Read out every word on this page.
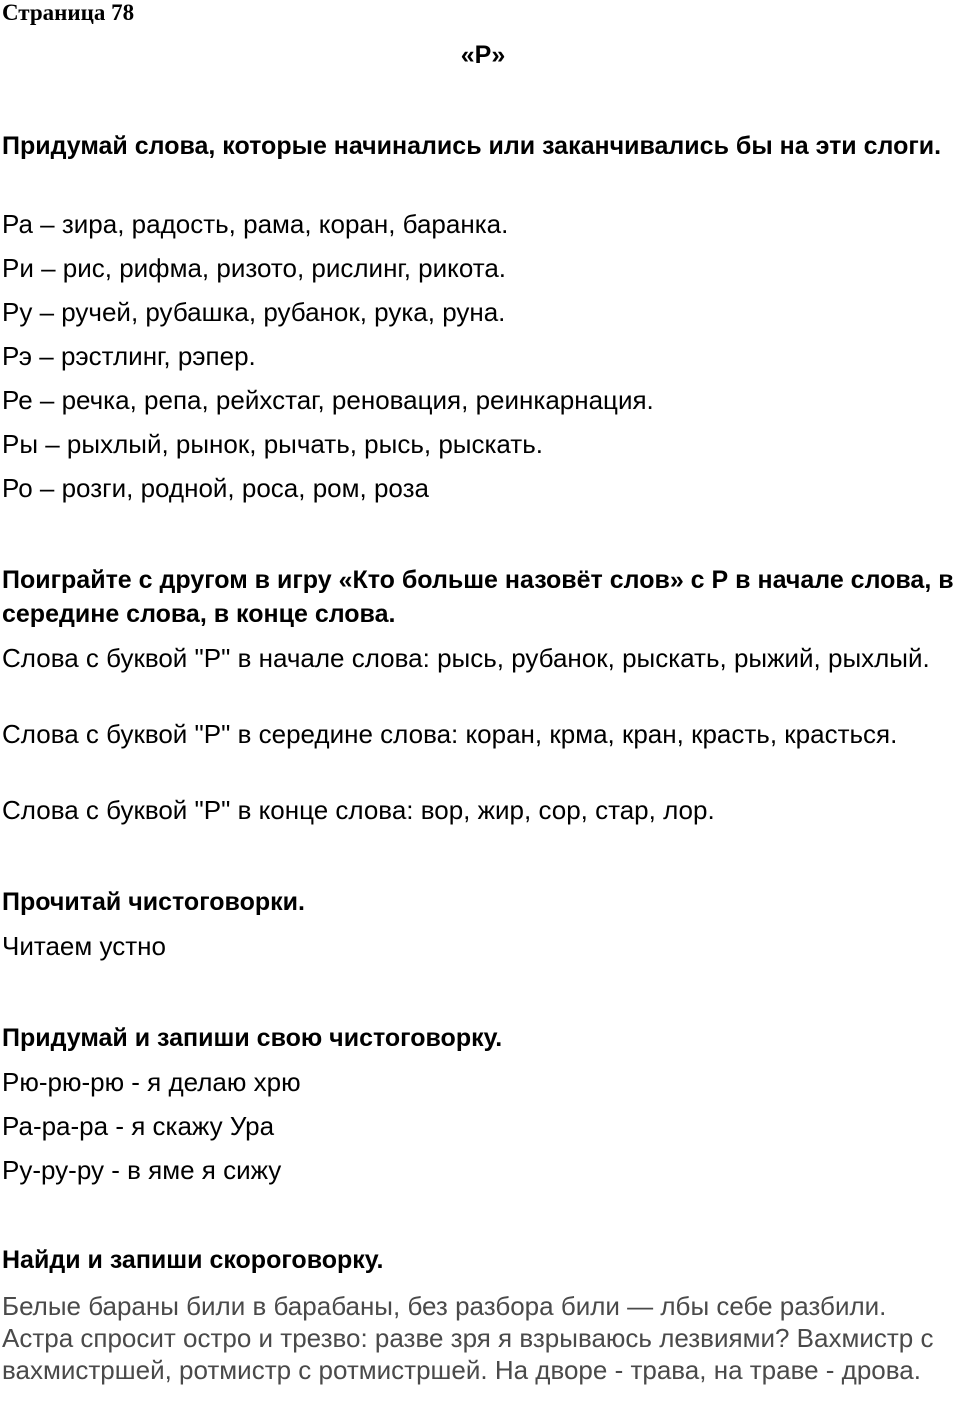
Страница 78
«Р»
Придумай слова, которые начинались или заканчивались бы на эти слоги.
Ра – зира, радость, рама, коран, баранка.
Ри – рис, рифма, ризото, рислинг, рикота.
Ру – ручей, рубашка, рубанок, рука, руна.
Рэ – рэстлинг, рэпер.
Ре – речка, репа, рейхстаг, реновация, реинкарнация.
Ры – рыхлый, рынок, рычать, рысь, рыскать.
Ро – розги, родной, роса, ром, роза
Поиграйте с другом в игру «Кто больше назовёт слов» с Р в начале слова, в середине слова, в конце слова.
Слова с буквой "Р" в начале слова: рысь, рубанок, рыскать, рыжий, рыхлый.
Слова с буквой "Р" в середине слова: коран, крма, кран, красть, красться.
Слова с буквой "Р" в конце слова: вор, жир, сор, стар, лор.
Прочитай чистоговорки.
Читаем устно
Придумай и запиши свою чистоговорку.
Рю-рю-рю - я делаю хрю
Ра-ра-ра - я скажу Ура
Ру-ру-ру - в яме я сижу
Найди и запиши скороговорку.
Белые бараны били в барабаны, без разбора били — лбы себе разбили. Астра спросит остро и трезво: разве зря я взрываюсь лезвиями? Вахмистр с вахмистршей, ротмистр с ротмистршей. На дворе - трава, на траве - дрова.
